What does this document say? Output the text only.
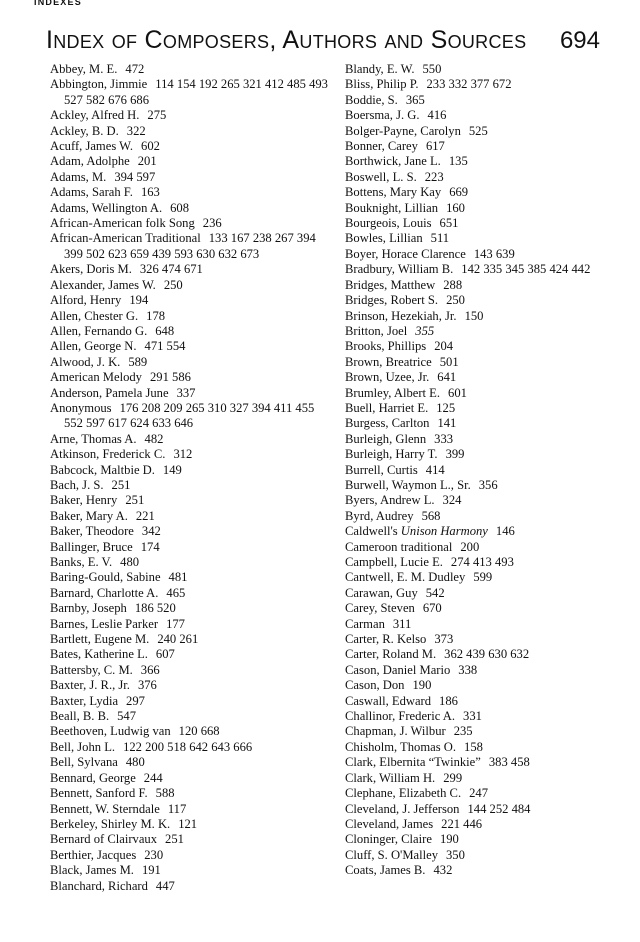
INDEXES
Index of Composers, Authors and Sources 694
Abbey, M. E. 472
Abbington, Jimmie 114 154 192 265 321 412 485 493 527 582 676 686
Ackley, Alfred H. 275
Ackley, B. D. 322
Acuff, James W. 602
Adam, Adolphe 201
Adams, M. 394 597
Adams, Sarah F. 163
Adams, Wellington A. 608
African-American folk Song 236
African-American Traditional 133 167 238 267 394 399 502 623 659 439 593 630 632 673
Akers, Doris M. 326 474 671
Alexander, James W. 250
Alford, Henry 194
Allen, Chester G. 178
Allen, Fernando G. 648
Allen, George N. 471 554
Alwood, J. K. 589
American Melody 291 586
Anderson, Pamela June 337
Anonymous 176 208 209 265 310 327 394 411 455 552 597 617 624 633 646
Arne, Thomas A. 482
Atkinson, Frederick C. 312
Babcock, Maltbie D. 149
Bach, J. S. 251
Baker, Henry 251
Baker, Mary A. 221
Baker, Theodore 342
Ballinger, Bruce 174
Banks, E. V. 480
Baring-Gould, Sabine 481
Barnard, Charlotte A. 465
Barnby, Joseph 186 520
Barnes, Leslie Parker 177
Bartlett, Eugene M. 240 261
Bates, Katherine L. 607
Battersby, C. M. 366
Baxter, J. R., Jr. 376
Baxter, Lydia 297
Beall, B. B. 547
Beethoven, Ludwig van 120 668
Bell, John L. 122 200 518 642 643 666
Bell, Sylvana 480
Bennard, George 244
Bennett, Sanford F. 588
Bennett, W. Sterndale 117
Berkeley, Shirley M. K. 121
Bernard of Clairvaux 251
Berthier, Jacques 230
Black, James M. 191
Blanchard, Richard 447
Blandy, E. W. 550
Bliss, Philip P. 233 332 377 672
Boddie, S. 365
Boersma, J. G. 416
Bolger-Payne, Carolyn 525
Bonner, Carey 617
Borthwick, Jane L. 135
Boswell, L. S. 223
Bottens, Mary Kay 669
Bouknight, Lillian 160
Bourgeois, Louis 651
Bowles, Lillian 511
Boyer, Horace Clarence 143 639
Bradbury, William B. 142 335 345 385 424 442
Bridges, Matthew 288
Bridges, Robert S. 250
Brinson, Hezekiah, Jr. 150
Britton, Joel 355
Brooks, Phillips 204
Brown, Breatrice 501
Brown, Uzee, Jr. 641
Brumley, Albert E. 601
Buell, Harriet E. 125
Burgess, Carlton 141
Burleigh, Glenn 333
Burleigh, Harry T. 399
Burrell, Curtis 414
Burwell, Waymon L., Sr. 356
Byers, Andrew L. 324
Byrd, Audrey 568
Caldwell's Unison Harmony 146
Cameroon traditional 200
Campbell, Lucie E. 274 413 493
Cantwell, E. M. Dudley 599
Carawan, Guy 542
Carey, Steven 670
Carman 311
Carter, R. Kelso 373
Carter, Roland M. 362 439 630 632
Cason, Daniel Mario 338
Cason, Don 190
Caswall, Edward 186
Challinor, Frederic A. 331
Chapman, J. Wilbur 235
Chisholm, Thomas O. 158
Clark, Elbernita “Twinkie” 383 458
Clark, William H. 299
Clephane, Elizabeth C. 247
Cleveland, J. Jefferson 144 252 484
Cleveland, James 221 446
Cloninger, Claire 190
Cluff, S. O'Malley 350
Coats, James B. 432
